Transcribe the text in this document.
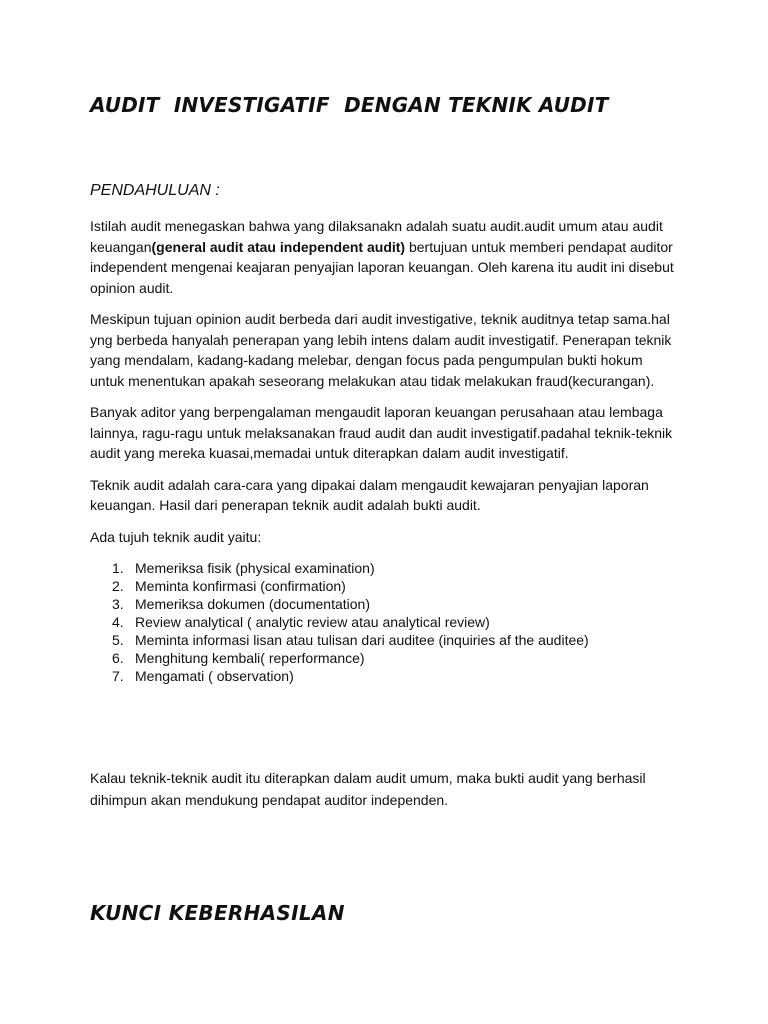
AUDIT  INVESTIGATIF  DENGAN TEKNIK AUDIT
PENDAHULUAN :

Istilah audit menegaskan bahwa yang dilaksanakn adalah suatu audit.audit umum atau audit keuangan(general audit atau independent audit) bertujuan untuk memberi pendapat auditor independent mengenai keajaran penyajian laporan keuangan. Oleh karena itu audit ini disebut opinion audit.

Meskipun tujuan opinion audit berbeda dari audit investigative, teknik auditnya tetap sama.hal yng berbeda hanyalah penerapan yang lebih intens dalam audit investigatif. Penerapan teknik yang mendalam, kadang-kadang melebar, dengan focus pada pengumpulan bukti hokum untuk menentukan apakah seseorang melakukan atau tidak melakukan fraud(kecurangan).

Banyak aditor yang berpengalaman mengaudit laporan keuangan perusahaan atau lembaga lainnya, ragu-ragu untuk melaksanakan fraud audit dan audit investigatif.padahal teknik-teknik audit yang mereka kuasai,memadai untuk diterapkan dalam audit investigatif.

Teknik audit adalah cara-cara yang dipakai dalam mengaudit kewajaran penyajian laporan keuangan. Hasil dari penerapan teknik audit adalah bukti audit.

Ada tujuh teknik audit yaitu:

1. Memeriksa fisik (physical examination)
2. Meminta konfirmasi (confirmation)
3. Memeriksa dokumen (documentation)
4. Review analytical ( analytic review atau analytical review)
5. Meminta informasi lisan atau tulisan dari auditee (inquiries af the auditee)
6. Menghitung kembali( reperformance)
7. Mengamati ( observation)

Kalau teknik-teknik audit itu diterapkan dalam audit umum, maka bukti audit yang berhasil dihimpun akan mendukung pendapat auditor independen.

KUNCI KEBERHASILAN
